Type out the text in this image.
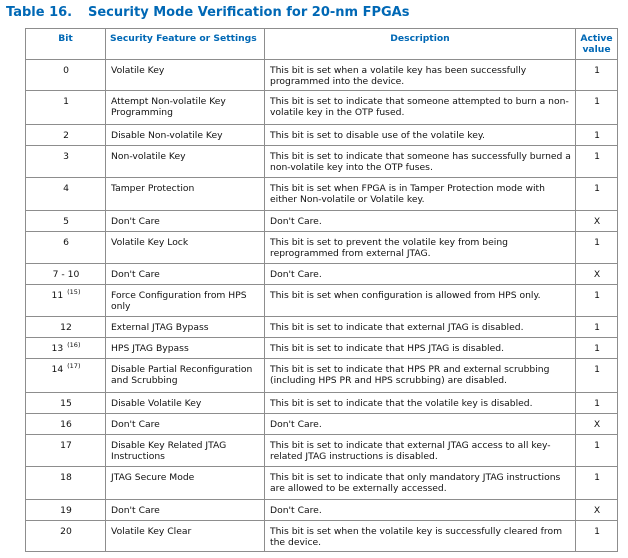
Table 16. Security Mode Verification for 20-nm FPGAs
Bit	Security Feature or Settings	Description	Active value
0	Volatile Key	This bit is set when a volatile key has been successfully programmed into the device.	1
1	Attempt Non-volatile Key Programming	This bit is set to indicate that someone attempted to burn a non-volatile key in the OTP fused.	1
2	Disable Non-volatile Key	This bit is set to disable use of the volatile key.	1
3	Non-volatile Key	This bit is set to indicate that someone has successfully burned a non-volatile key into the OTP fuses.	1
4	Tamper Protection	This bit is set when FPGA is in Tamper Protection mode with either Non-volatile or Volatile key.	1
5	Don't Care	Don't Care.	X
6	Volatile Key Lock	This bit is set to prevent the volatile key from being reprogrammed from external JTAG.	1
7 - 10	Don't Care	Don't Care.	X
11 $^{(15)}$	Force Configuration from HPS only	This bit is set when configuration is allowed from HPS only.	1
12	External JTAG Bypass	This bit is set to indicate that external JTAG is disabled.	1
13 $^{(16)}$	HPS JTAG Bypass	This bit is set to indicate that HPS JTAG is disabled.	1
14 $^{(17)}$	Disable Partial Reconfiguration and Scrubbing	This bit is set to indicate that HPS PR and external scrubbing (including HPS PR and HPS scrubbing) are disabled.	1
15	Disable Volatile Key	This bit is set to indicate that the volatile key is disabled.	1
16	Don't Care	Don't Care.	X
17	Disable Key Related JTAG Instructions	This bit is set to indicate that external JTAG access to all key-related JTAG instructions is disabled.	1
18	JTAG Secure Mode	This bit is set to indicate that only mandatory JTAG instructions are allowed to be externally accessed.	1
19	Don't Care	Don't Care.	X
20	Volatile Key Clear	This bit is set when the volatile key is successfully cleared from the device.	1
